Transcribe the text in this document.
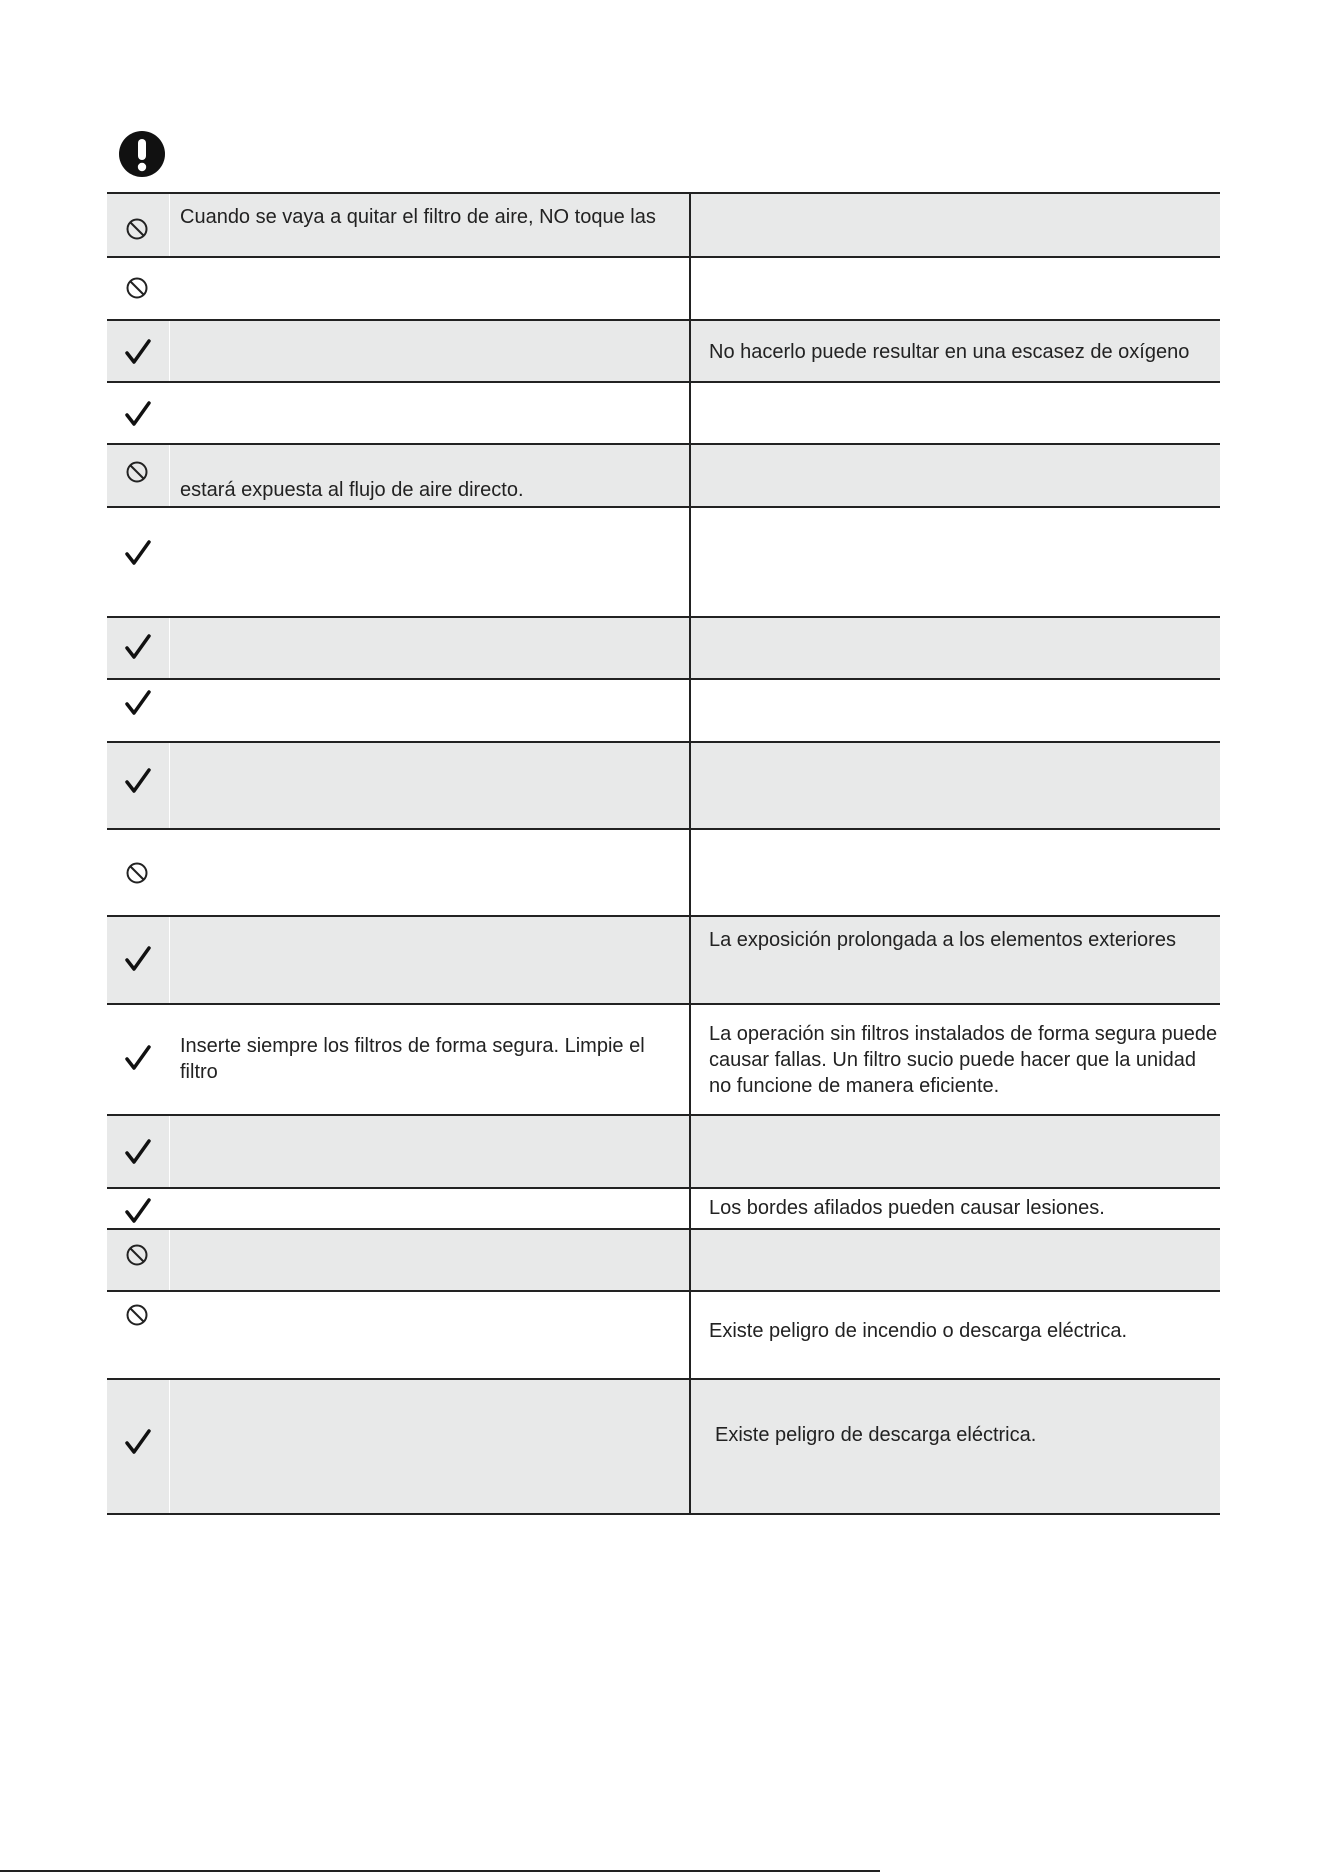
Cuando se vaya a quitar el filtro de aire, NO toque las
No hacerlo puede resultar en una escasez de oxígeno
estará expuesta al flujo de aire directo.
La exposición prolongada a los elementos exteriores
Inserte siempre los filtros de forma segura. Limpie el filtro
La operación sin filtros instalados de forma segura puede
causar fallas. Un filtro sucio puede hacer que la unidad
no funcione de manera eficiente.
Los bordes afilados pueden causar lesiones.
Existe peligro de incendio o descarga eléctrica.
Existe peligro de descarga eléctrica.
